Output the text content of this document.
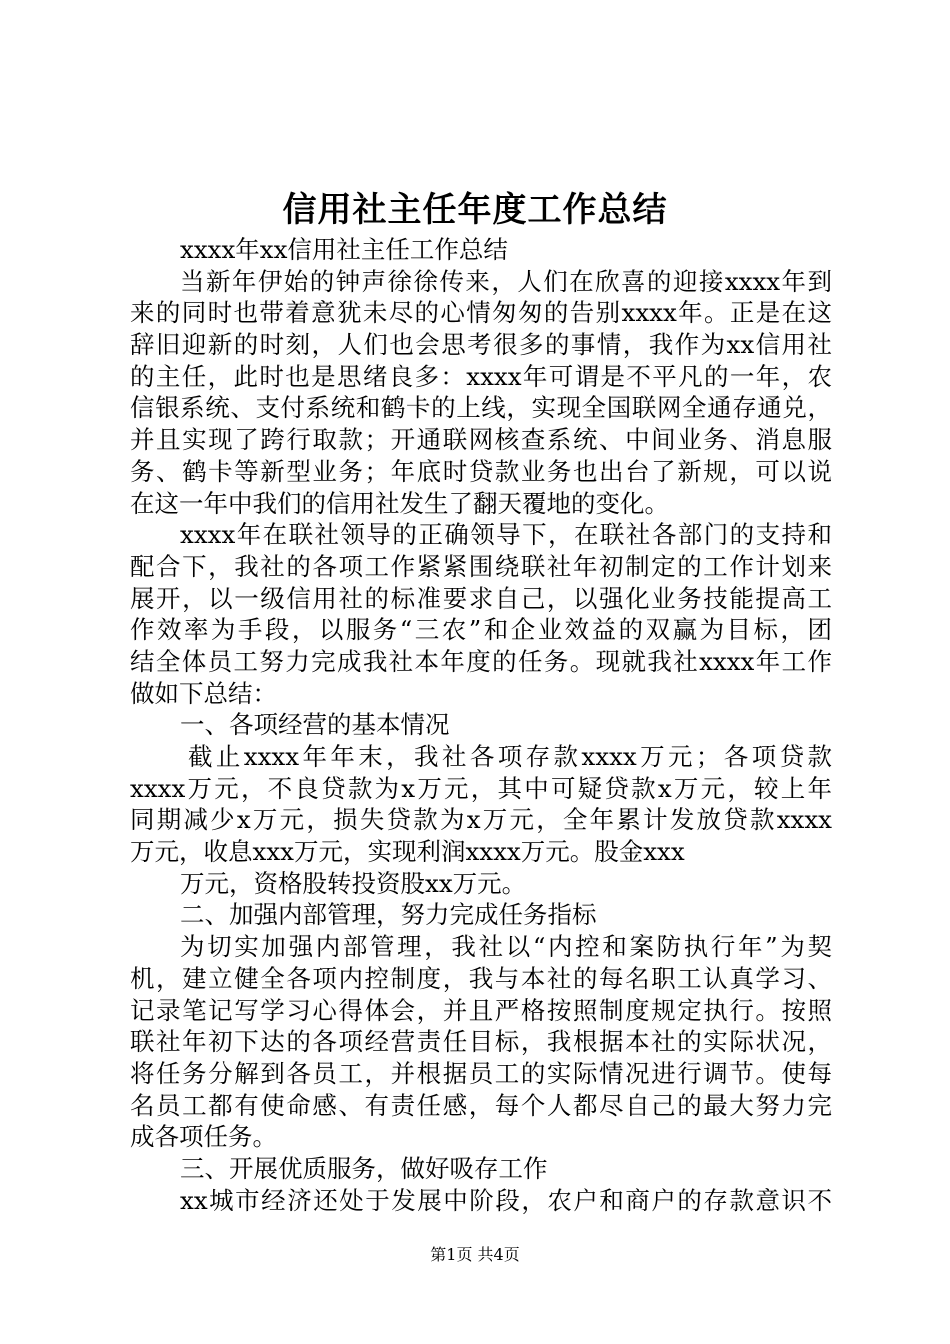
信用社主任年度工作总结

xxxx年xx信用社主任工作总结

当新年伊始的钟声徐徐传来，人们在欣喜的迎接xxxx年到

来的同时也带着意犹未尽的心情匆匆的告别xxxx年。正是在这

辞旧迎新的时刻，人们也会思考很多的事情，我作为xx信用社

的主任，此时也是思绪良多：xxxx年可谓是不平凡的一年，农

信银系统、支付系统和鹤卡的上线，实现全国联网全通存通兑，

并且实现了跨行取款；开通联网核查系统、中间业务、消息服

务、鹤卡等新型业务；年底时贷款业务也出台了新规，可以说

在这一年中我们的信用社发生了翻天覆地的变化。

xxxx年在联社领导的正确领导下，在联社各部门的支持和

配合下，我社的各项工作紧紧围绕联社年初制定的工作计划来

展开，以一级信用社的标准要求自己，以强化业务技能提高工

作效率为手段，以服务“三农”和企业效益的双赢为目标，团

结全体员工努力完成我社本年度的任务。现就我社xxxx年工作

做如下总结：

一、各项经营的基本情况

截止xxxx年年末，我社各项存款xxxx万元；各项贷款

xxxx万元，不良贷款为x万元，其中可疑贷款x万元，较上年

同期减少x万元，损失贷款为x万元，全年累计发放贷款xxxx

万元，收息xxx万元，实现利润xxxx万元。股金xxx

万元，资格股转投资股xx万元。

二、加强内部管理，努力完成任务指标

为切实加强内部管理，我社以“内控和案防执行年”为契

机，建立健全各项内控制度，我与本社的每名职工认真学习、

记录笔记写学习心得体会，并且严格按照制度规定执行。按照

联社年初下达的各项经营责任目标，我根据本社的实际状况，

将任务分解到各员工，并根据员工的实际情况进行调节。使每

名员工都有使命感、有责任感，每个人都尽自己的最大努力完

成各项任务。

三、开展优质服务，做好吸存工作

xx城市经济还处于发展中阶段，农户和商户的存款意识不

第1页 共4页
